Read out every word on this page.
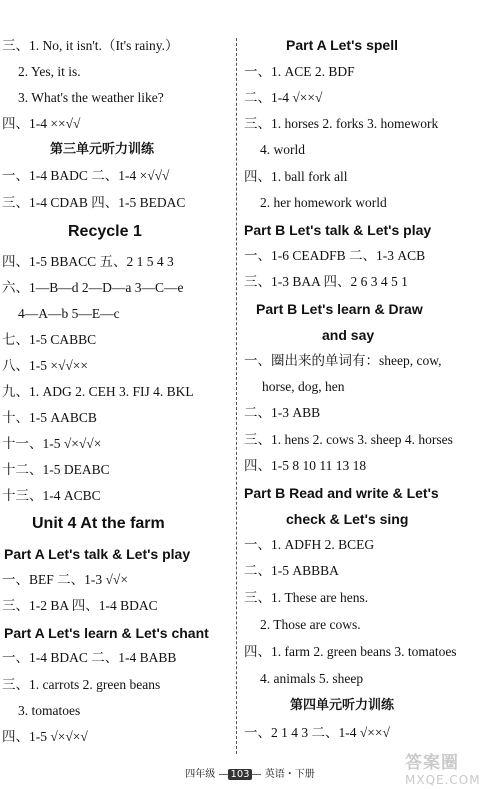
三、1. No, it isn't.（It's rainy.）
2. Yes, it is.
3. What's the weather like?
四、1-4 ××√√
第三单元听力训练
一、1-4 BADC 二、1-4 ×√√√
三、1-4 CDAB 四、1-5 BEDAC
Recycle 1
四、1-5 BBACC 五、2 1 5 4 3
六、1—B—d 2—D—a 3—C—e
4—A—b 5—E—c
七、1-5 CABBC
八、1-5 ×√√××
九、1. ADG 2. CEH 3. FIJ 4. BKL
十、1-5 AABCB
十一、1-5 √×√√×
十二、1-5 DEABC
十三、1-4 ACBC
Unit 4 At the farm
Part A Let's talk & Let's play
一、BEF 二、1-3 √√×
三、1-2 BA 四、1-4 BDAC
Part A Let's learn & Let's chant
一、1-4 BDAC 二、1-4 BABB
三、1. carrots 2. green beans
3. tomatoes
四、1-5 √×√×√
Part A Let's spell
一、1. ACE 2. BDF
二、1-4 √××√
三、1. horses 2. forks 3. homework
4. world
四、1. ball fork all
2. her homework world
Part B Let's talk & Let's play
一、1-6 CEADFB 二、1-3 ACB
三、1-3 BAA 四、2 6 3 4 5 1
Part B Let's learn & Draw
and say
一、圈出来的单词有：sheep, cow,
horse, dog, hen
二、1-3 ABB
三、1. hens 2. cows 3. sheep 4. horses
四、1-5 8 10 11 13 18
Part B Read and write & Let's
check & Let's sing
一、1. ADFH 2. BCEG
二、1-5 ABBBA
三、1. These are hens.
2. Those are cows.
四、1. farm 2. green beans 3. tomatoes
4. animals 5. sheep
第四单元听力训练
一、2 1 4 3 二、1-4 √××√
四年级 — 103 — 英语・下册
答案圈
MXQE.COM
